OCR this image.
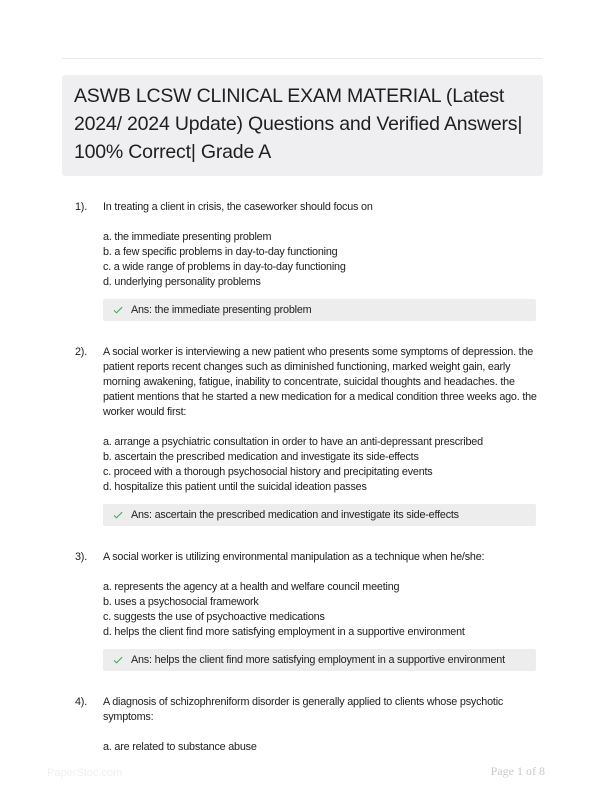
ASWB LCSW CLINICAL EXAM MATERIAL (Latest 2024/ 2024 Update) Questions and Verified Answers| 100% Correct| Grade A
1).	In treating a client in crisis, the caseworker should focus on
a. the immediate presenting problem
b. a few specific problems in day-to-day functioning
c. a wide range of problems in day-to-day functioning
d. underlying personality problems
Ans: the immediate presenting problem
2).	A social worker is interviewing a new patient who presents some symptoms of depression. the patient reports recent changes such as diminished functioning, marked weight gain, early morning awakening, fatigue, inability to concentrate, suicidal thoughts and headaches. the patient mentions that he started a new medication for a medical condition three weeks ago. the worker would first:
a. arrange a psychiatric consultation in order to have an anti-depressant prescribed
b. ascertain the prescribed medication and investigate its side-effects
c. proceed with a thorough psychosocial history and precipitating events
d. hospitalize this patient until the suicidal ideation passes
Ans: ascertain the prescribed medication and investigate its side-effects
3).	A social worker is utilizing environmental manipulation as a technique when he/she:
a. represents the agency at a health and welfare council meeting
b. uses a psychosocial framework
c. suggests the use of psychoactive medications
d. helps the client find more satisfying employment in a supportive environment
Ans: helps the client find more satisfying employment in a supportive environment
4).	A diagnosis of schizophreniform disorder is generally applied to clients whose psychotic symptoms:
a. are related to substance abuse
PaperStoc.com	Page 1 of 8
